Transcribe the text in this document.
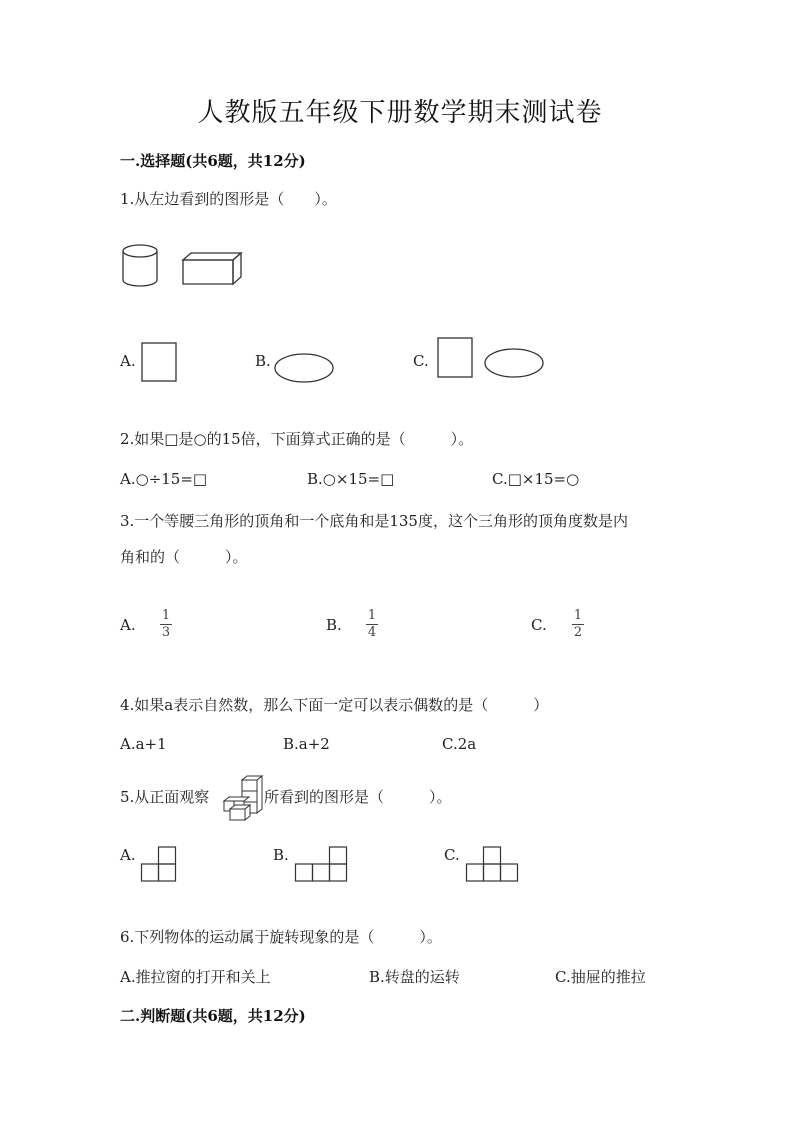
人教版五年级下册数学期末测试卷
一.选择题(共6题，共12分)
1.从左边看到的图形是（　　）。
A.	B.	C.
2.如果□是○的15倍，下面算式正确的是（　　　）。
A.○÷15=□	B.○×15=□	C.□×15=○
3.一个等腰三角形的顶角和一个底角和是135度，这个三角形的顶角度数是内
角和的（　　　）。
A.
1
3	B.
1
4	C.
1
2
4.如果a表示自然数，那么下面一定可以表示偶数的是（　　　）
A.a+1	B.a+2	C.2a
5.从正面观察	所看到的图形是（　　　）。
A.	B.	C.
6.下列物体的运动属于旋转现象的是（　　　）。
A.推拉窗的打开和关上	B.转盘的运转	C.抽屉的推拉
二.判断题(共6题，共12分)
